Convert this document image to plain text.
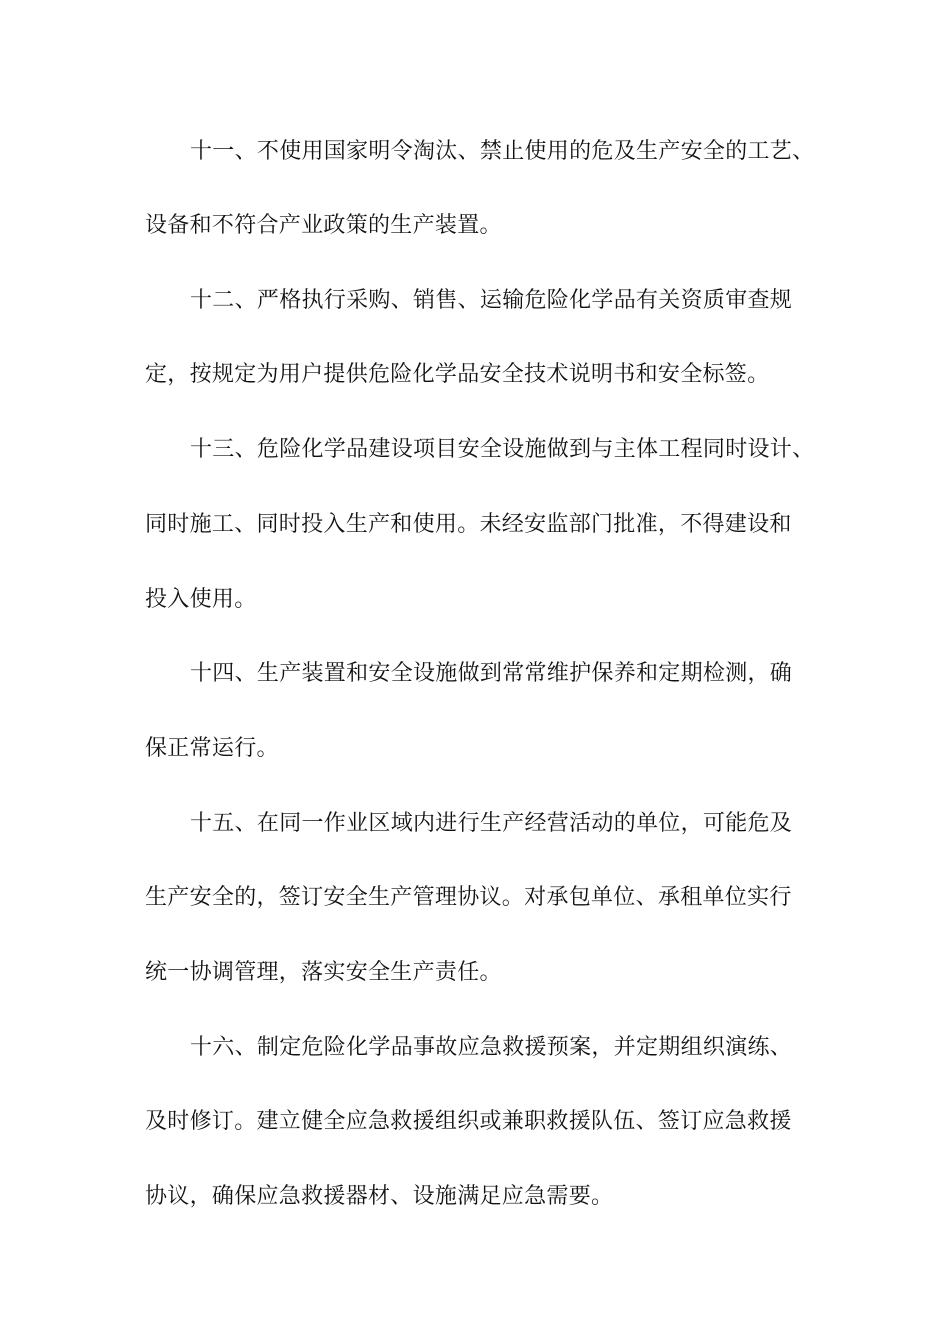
十一、不使用国家明令淘汰、禁止使用的危及生产安全的工艺、
设备和不符合产业政策的生产装置。
十二、严格执行采购、销售、运输危险化学品有关资质审查规
定，按规定为用户提供危险化学品安全技术说明书和安全标签。
十三、危险化学品建设项目安全设施做到与主体工程同时设计、
同时施工、同时投入生产和使用。未经安监部门批准，不得建设和
投入使用。
十四、生产装置和安全设施做到常常维护保养和定期检测，确
保正常运行。
十五、在同一作业区域内进行生产经营活动的单位，可能危及
生产安全的，签订安全生产管理协议。对承包单位、承租单位实行
统一协调管理，落实安全生产责任。
十六、制定危险化学品事故应急救援预案，并定期组织演练、
及时修订。建立健全应急救援组织或兼职救援队伍、签订应急救援
协议，确保应急救援器材、设施满足应急需要。
